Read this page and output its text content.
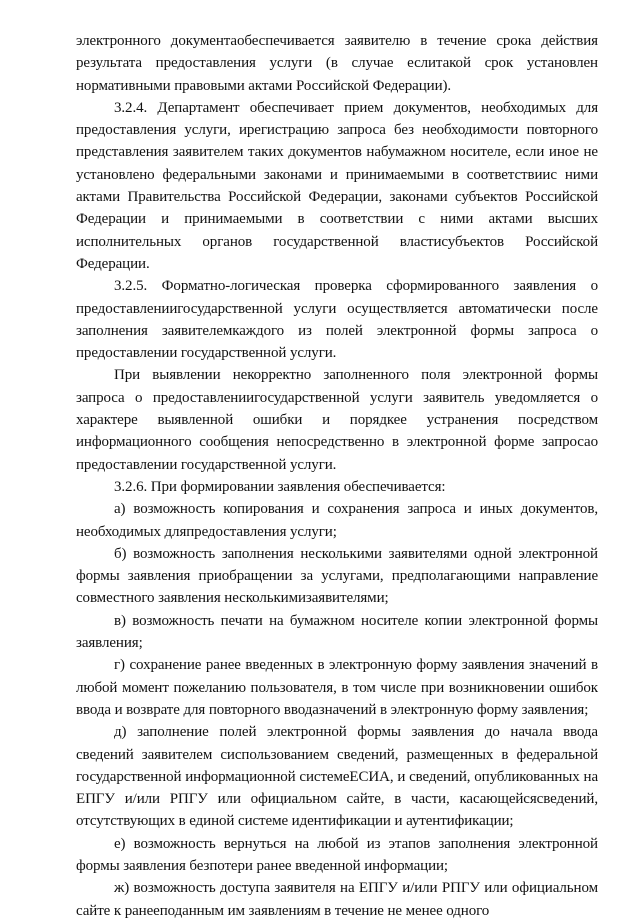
электронного документаобеспечивается заявителю в течение срока действия результата предоставления услуги (в случае еслитакой срок установлен нормативными правовыми актами Российской Федерации).

3.2.4. Департамент обеспечивает прием документов, необходимых для предоставления услуги, ирегистрацию запроса без необходимости повторного представления заявителем таких документов набумажном носителе, если иное не установлено федеральными законами и принимаемыми в соответствиис ними актами Правительства Российской Федерации, законами субъектов Российской Федерации и принимаемыми в соответствии с ними актами высших исполнительных органов государственной властисубъектов Российской Федерации.

3.2.5. Форматно-логическая проверка сформированного заявления о предоставлениигосударственной услуги осуществляется автоматически после заполнения заявителемкаждого из полей электронной формы запроса о предоставлении государственной услуги.

При выявлении некорректно заполненного поля электронной формы запроса о предоставлениигосударственной услуги заявитель уведомляется о характере выявленной ошибки и порядкее устранения посредством информационного сообщения непосредственно в электронной форме запросао предоставлении государственной услуги.

3.2.6. При формировании заявления обеспечивается:

а) возможность копирования и сохранения запроса и иных документов, необходимых дляпредоставления услуги;

б) возможность заполнения несколькими заявителями одной электронной формы заявления приобращении за услугами, предполагающими направление совместного заявления несколькимизаявителями;

в) возможность печати на бумажном носителе копии электронной формы заявления;

г) сохранение ранее введенных в электронную форму заявления значений в любой момент пожеланию пользователя, в том числе при возникновении ошибок ввода и возврате для повторного вводазначений в электронную форму заявления;

д) заполнение полей электронной формы заявления до начала ввода сведений заявителем сиспользованием сведений, размещенных в федеральной государственной информационной системеЕСИА, и сведений, опубликованных на ЕПГУ и/или РПГУ или официальном сайте, в части, касающейсясведений, отсутствующих в единой системе идентификации и аутентификации;

е) возможность вернуться на любой из этапов заполнения электронной формы заявления безпотери ранее введенной информации;

ж) возможность доступа заявителя на ЕПГУ и/или РПГУ или официальном сайте к ранееподанным им заявлениям в течение не менее одного
